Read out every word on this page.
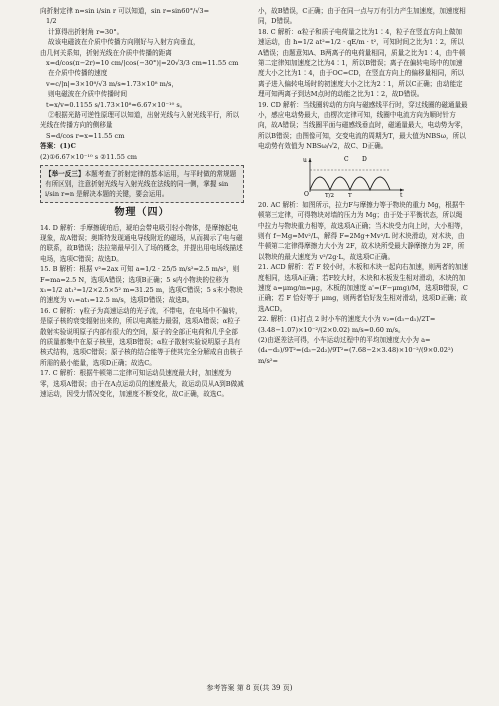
向折射定律 n=sin i/sin r 可以知道，sin r=sin60°/√3=

1/2

计算得出折射角 r=30°。

故该电磁波在介质中传播方向刚好与入射方向垂直，

由几何关系知，折射光线在介质中传播的距离

x=d/cos(π−2r)=10 cm/|cos(−30°)|=20√3/3 cm≈11.55 cm

在介质中传播的速度

v=c/|n|=3×10⁸/√3 m/s≈1.73×10⁸ m/s，

则电磁波在介质中传播时间

t=x/v=0.1155 s/1.73×10⁸≈6.67×10⁻¹⁰ s。

②根据光路可逆性原理可以知道，出射光线与入射光线平行，所以光线在传播方向的侧移量

S=d/cos r=x=11.55 cm

答案：(1)C

(2)①6.67×10⁻¹⁰ s ②11.55 cm

【举一反三】本题考查了折射定律的基本运用，与平时做的常规题有所区别，注意折射光线与入射光线在法线的同一侧，掌握 sin i/sin r=n 是解决本题的关键，要会运用。
物理（四）

14. D 解析：手摩擦琥珀后，琥珀会带电吸引轻小物体，是摩擦起电现象，故A错误；奥斯特发现通电导线附近的磁场，从而揭示了电与磁的联系，故B错误；法拉第最早引入了场的概念，并提出用电场线描述电场，选项C错误；故选D。

15. B 解析：根据 v²=2ax 可知 a=1/2 · 25/5 m/s²=2.5 m/s²，则 F=ma=2.5 N，选项A错误；选项B正确；5 s内小物块的位移为 x₁=1/2 at₁²=1/2×2.5×5² m=31.25 m，选项C错误；5 s末小物块的速度为 v₁=at₁=12.5 m/s，选项D错误；故选B。

16. C 解析：γ粒子为高速运动的光子流，不带电，在电场中不偏转，是原子核的衰变辐射出来的，所以电离能力最弱，选项A错误；α粒子散射实验说明原子内部有很大的空间，原子的全部正电荷和几乎全部的质量都集中在原子核里，选项B错误；α粒子散射实验说明原子具有核式结构，选项C错误；原子核的结合能等于使其完全分解成自由核子所需的最小能量，选项D正确；故选C。

17. C 解析：根据牛顿第二定律可知运动员速度最大时，加速度为零，选项A错误；由于在A点运动员的速度最大，故运动员从A到B做减速运动，因受力情况变化，加速度不断变化，故C正确，故选C。

小，故B错误，C正确；由于在同一点与万有引力产生加速度，加速度相同，D错误。

18. C 解析：α粒子和质子电荷量之比为1∶4，粒子在竖直方向上做加速运动，由 h=1/2 at²=1/2 · qE/m · t²，可知时间之比为1∶2，所以A错误；由题意知A、B两离子的电荷量相同，质量之比为1∶4，由牛顿第二定律知加速度之比为4∶1，所以B错误；离子在偏转电场中的加速度大小之比为1∶4，由于OC=CD，在竖直方向上的偏移量相同，所以离子进入偏转电场时的初速度大小之比为2∶1，所以C正确；由动能定理可知两离子到达M点时的动能之比为1∶2，故D错误。

19. CD 解析：当线圈转动的方向与磁感线平行时，穿过线圈的磁通量最小，感应电动势最大，由楞次定律可知，线圈中电流方向为顺时针方向，故A错误；当线圈平面与磁感线垂直时，磁通量最大，电动势为零，所以B错误；由图像可知，交变电流的周期为T，最大值为NBSω，所以电动势有效值为 NBSω/√2，故C、D正确。

u	C D
O	T/2	T	t

20. AC 解析：如图所示，拉力F与摩擦力等于物块的重力 Mg，根据牛顿第三定律，可得物块对墙的压力为 Mg；由于处于平衡状态，所以绳中拉力与物块重力相等，故选项A正确；当木块受力向上时，大小相等，则有 f−Mg=Mv²/L，解得 F=2Mg+Mv²/L 时木块滑动，对木块，由牛顿第二定律得摩擦力大小为 2F，故木块所受最大静摩擦力为 2F，所以物块的最大速度为 v²/2g·L，故选项C正确。

21. ACD 解析：若 F 较小时，木板和木块一起向右加速，则两者的加速度相同，选项A正确；若F较大时，木块和木板发生相对滑动，木块的加速度 a=μmg/m=μg，木板的加速度 a'=(F−μmg)/M，选项B错误，C正确；若 F 恰好等于 μmg，则两者恰好发生相对滑动，选项D正确；故选ACD。

22. 解析：(1)打点 2 时小车的速度大小为 v₂=(d₃−d₁)/2T=(3.48−1.07)×10⁻²/(2×0.02) m/s=0.60 m/s。

(2)由逐差法可得，小车运动过程中的平均加速度大小为 a=(d₄−d₂)/9T²=(d₃−2d₂)/9T²=(7.68−2×3.48)×10⁻²/(9×0.02²) m/s²=

参考答案 第 8 页(共 39 页)
